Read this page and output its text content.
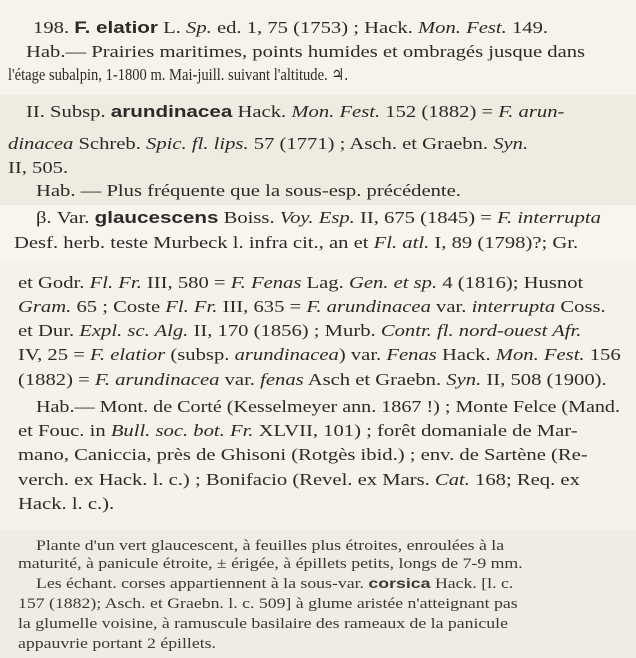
198. F. elatior L. Sp. ed. 1, 75 (1753) ; Hack. Mon. Fest. 149.
Hab.— Prairies maritimes, points humides et ombragés jusque dans
l'étage subalpin, 1-1800 m. Mai-juill. suivant l'altitude. ♃.
II. Subsp. arundinacea Hack. Mon. Fest. 152 (1882) = F. arun-
dinacea Schreb. Spic. fl. lips. 57 (1771) ; Asch. et Graebn. Syn.
II, 505.
Hab. — Plus fréquente que la sous-esp. précédente.
β. Var. glaucescens Boiss. Voy. Esp. II, 675 (1845) = F. interrupta
Desf. herb. teste Murbeck l. infra cit., an et Fl. atl. I, 89 (1798)?; Gr.
et Godr. Fl. Fr. III, 580 = F. Fenas Lag. Gen. et sp. 4 (1816); Husnot
Gram. 65 ; Coste Fl. Fr. III, 635 = F. arundinacea var. interrupta Coss.
et Dur. Expl. sc. Alg. II, 170 (1856) ; Murb. Contr. fl. nord-ouest Afr.
IV, 25 = F. elatior (subsp. arundinacea) var. Fenas Hack. Mon. Fest. 156
(1882) = F. arundinacea var. fenas Asch et Graebn. Syn. II, 508 (1900).
Hab.— Mont. de Corté (Kesselmeyer ann. 1867 !) ; Monte Felce (Mand.
et Fouc. in Bull. soc. bot. Fr. XLVII, 101) ; forêt domaniale de Mar-
mano, Caniccia, près de Ghisoni (Rotgès ibid.) ; env. de Sartène (Re-
verch. ex Hack. l. c.) ; Bonifacio (Revel. ex Mars. Cat. 168; Req. ex
Hack. l. c.).
Plante d'un vert glaucescent, à feuilles plus étroites, enroulées à la
maturité, à panicule étroite, ± érigée, à épillets petits, longs de 7-9 mm.
Les échant. corses appartiennent à la sous-var. corsica Hack. [l. c.
157 (1882); Asch. et Graebn. l. c. 509] à glume aristée n'atteignant pas
la glumelle voisine, à ramuscule basilaire des rameaux de la panicule
appauvrie portant 2 épillets.
